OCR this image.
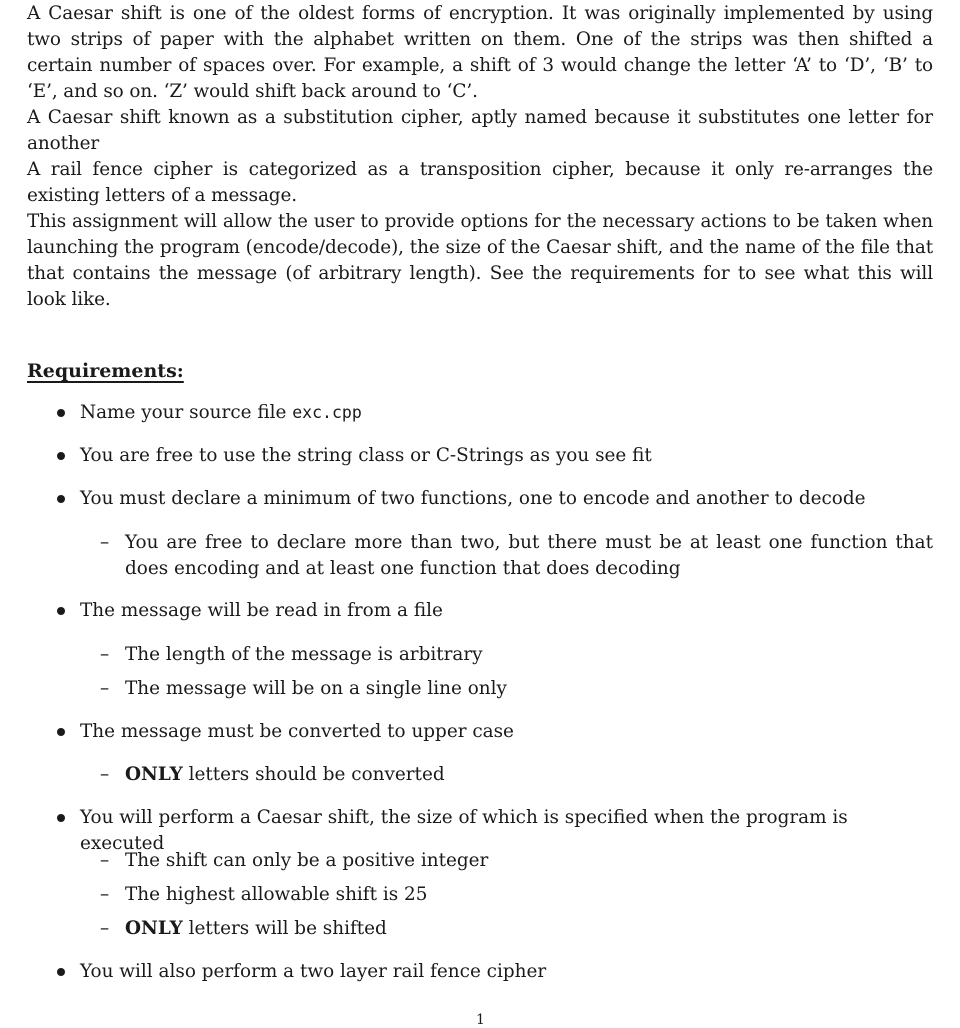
A Caesar shift is one of the oldest forms of encryption. It was originally implemented by using two strips of paper with the alphabet written on them. One of the strips was then shifted a certain number of spaces over. For example, a shift of 3 would change the letter ‘A’ to ‘D’, ‘B’ to ‘E’, and so on. ‘Z’ would shift back around to ‘C’.

A Caesar shift known as a substitution cipher, aptly named because it substitutes one letter for another

A rail fence cipher is categorized as a transposition cipher, because it only re-arranges the existing letters of a message.

This assignment will allow the user to provide options for the necessary actions to be taken when launching the program (encode/decode), the size of the Caesar shift, and the name of the file that that contains the message (of arbitrary length). See the requirements for to see what this will look like.

Requirements:
Name your source file exc.cpp
You are free to use the string class or C-Strings as you see fit
You must declare a minimum of two functions, one to encode and another to decode
– You are free to declare more than two, but there must be at least one function that does encoding and at least one function that does decoding
The message will be read in from a file
– The length of the message is arbitrary
– The message will be on a single line only
The message must be converted to upper case
– ONLY letters should be converted
You will perform a Caesar shift, the size of which is specified when the program is executed
– The shift can only be a positive integer
– The highest allowable shift is 25
– ONLY letters will be shifted
You will also perform a two layer rail fence cipher
1
